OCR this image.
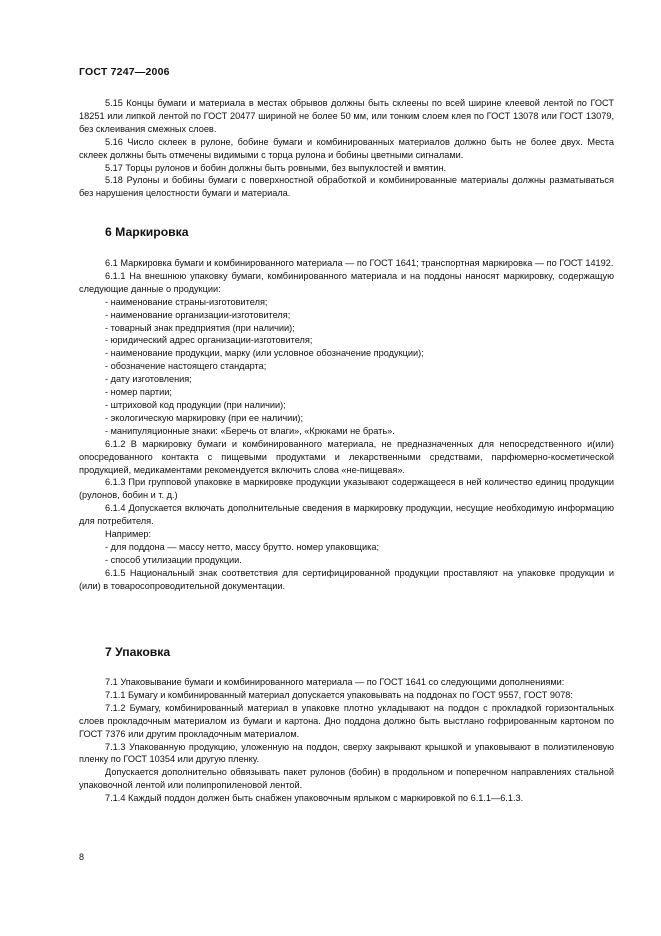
ГОСТ 7247—2006

5.15 Концы бумаги и материала в местах обрывов должны быть склеены по всей ширине клеевой лентой по ГОСТ 18251 или липкой лентой по ГОСТ 20477 шириной не более 50 мм, или тонким слоем клея по ГОСТ 13078 или ГОСТ 13079, без склеивания смежных слоев.

5.16 Число склеек в рулоне, бобине бумаги и комбинированных материалов должно быть не более двух. Места склеек должны быть отмечены видимыми с торца рулона и бобины цветными сигналами.

5.17 Торцы рулонов и бобин должны быть ровными, без выпуклостей и вмятин.

5.18 Рулоны и бобины бумаги с поверхностной обработкой и комбинированные материалы должны разматываться без нарушения целостности бумаги и материала.

6 Маркировка

6.1 Маркировка бумаги и комбинированного материала — по ГОСТ 1641; транспортная маркировка — по ГОСТ 14192.

6.1.1 На внешнюю упаковку бумаги, комбинированного материала и на поддоны наносят маркировку, содержащую следующие данные о продукции:

- наименование страны-изготовителя;

- наименование организации-изготовителя;

- товарный знак предприятия (при наличии);

- юридический адрес организации-изготовителя;

- наименование продукции, марку (или условное обозначение продукции);

- обозначение настоящего стандарта;

- дату изготовления;

- номер партии;

- штриховой код продукции (при наличии);

- экологическую маркировку (при ее наличии);

- манипуляционные знаки: «Беречь от влаги», «Крюками не брать».

6.1.2 В маркировку бумаги и комбинированного материала, не предназначенных для непосредственного и(или) опосредованного контакта с пищевыми продуктами и лекарственными средствами, парфюмерно-косметической продукцией, медикаментами рекомендуется включить слова «не-пищевая».

6.1.3 При групповой упаковке в маркировке продукции указывают содержащееся в ней количество единиц продукции (рулонов, бобин и т. д.)

6.1.4 Допускается включать дополнительные сведения в маркировку продукции, несущие необходимую информацию для потребителя.

Например:

- для поддона — массу нетто, массу брутто. номер упаковщика;

- способ утилизации продукции.

6.1.5 Национальный знак соответствия для сертифицированной продукции проставляют на упаковке продукции и (или) в товаросопроводительной документации.

7 Упаковка

7.1 Упаковывание бумаги и комбинированного материала — по ГОСТ 1641 со следующими дополнениями:

7.1.1 Бумагу и комбинированный материал допускается упаковывать на поддонах по ГОСТ 9557, ГОСТ 9078:

7.1.2 Бумагу, комбинированный материал в упаковке плотно укладывают на поддон с прокладкой горизонтальных слоев прокладочным материалом из бумаги и картона. Дно поддона должно быть выстлано гофрированным картоном по ГОСТ 7376 или другим прокладочным материалом.

7.1.3 Упакованную продукцию, уложенную на поддон, сверху закрывают крышкой и упаковывают в полиэтиленовую пленку по ГОСТ 10354 или другую пленку.

Допускается дополнительно обвязывать пакет рулонов (бобин) в продольном и поперечном направлениях стальной упаковочной лентой или полипропиленовой лентой.

7.1.4 Каждый поддон должен быть снабжен упаковочным ярлыком с маркировкой по 6.1.1—6.1.3.

8
